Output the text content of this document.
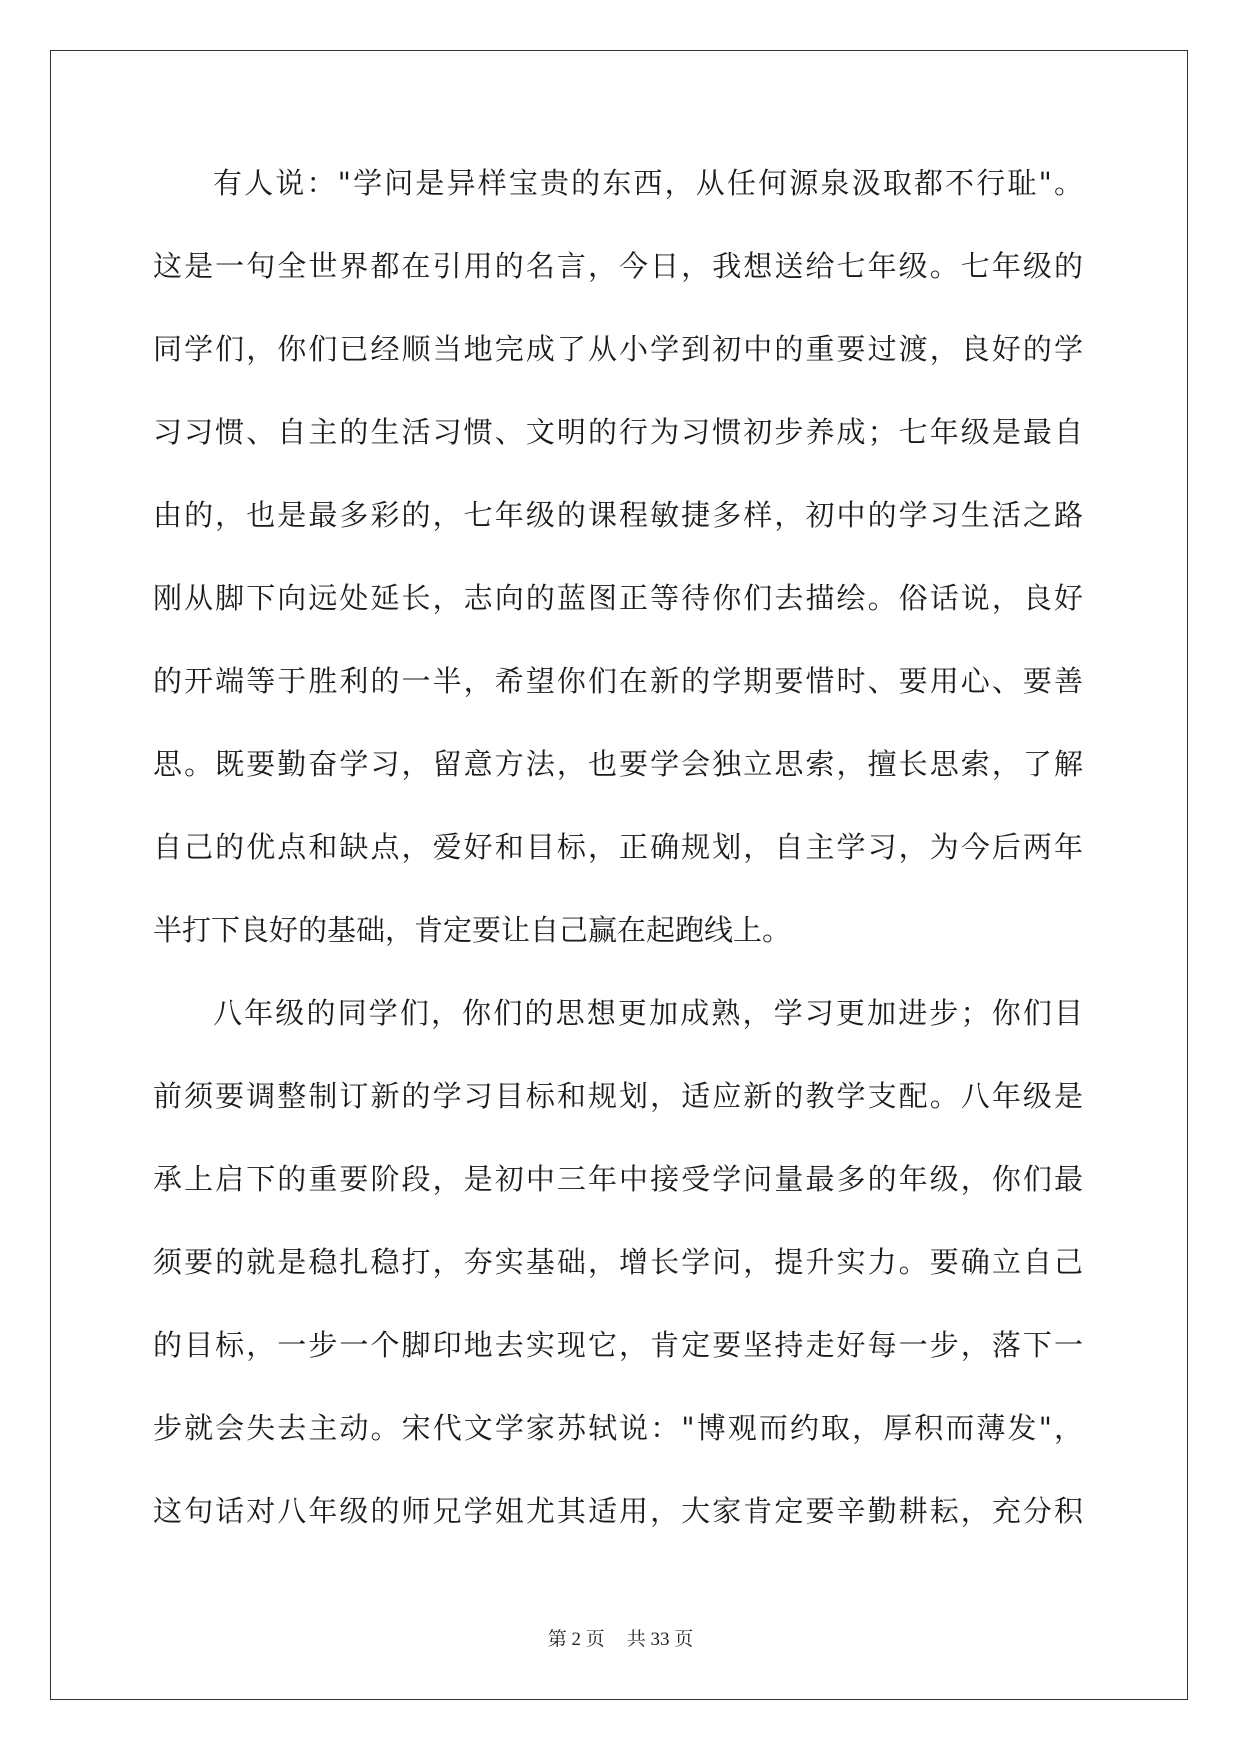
有人说："学问是异样宝贵的东西，从任何源泉汲取都不行耻"。
这是一句全世界都在引用的名言，今日，我想送给七年级。七年级的
同学们，你们已经顺当地完成了从小学到初中的重要过渡，良好的学
习习惯、自主的生活习惯、文明的行为习惯初步养成；七年级是最自
由的，也是最多彩的，七年级的课程敏捷多样，初中的学习生活之路
刚从脚下向远处延长，志向的蓝图正等待你们去描绘。俗话说，良好
的开端等于胜利的一半，希望你们在新的学期要惜时、要用心、要善
思。既要勤奋学习，留意方法，也要学会独立思索，擅长思索，了解
自己的优点和缺点，爱好和目标，正确规划，自主学习，为今后两年
半打下良好的基础，肯定要让自己赢在起跑线上。
八年级的同学们，你们的思想更加成熟，学习更加进步；你们目
前须要调整制订新的学习目标和规划，适应新的教学支配。八年级是
承上启下的重要阶段，是初中三年中接受学问量最多的年级，你们最
须要的就是稳扎稳打，夯实基础，增长学问，提升实力。要确立自己
的目标，一步一个脚印地去实现它，肯定要坚持走好每一步，落下一
步就会失去主动。宋代文学家苏轼说："博观而约取，厚积而薄发"，
这句话对八年级的师兄学姐尤其适用，大家肯定要辛勤耕耘，充分积
第 2 页 共 33 页
